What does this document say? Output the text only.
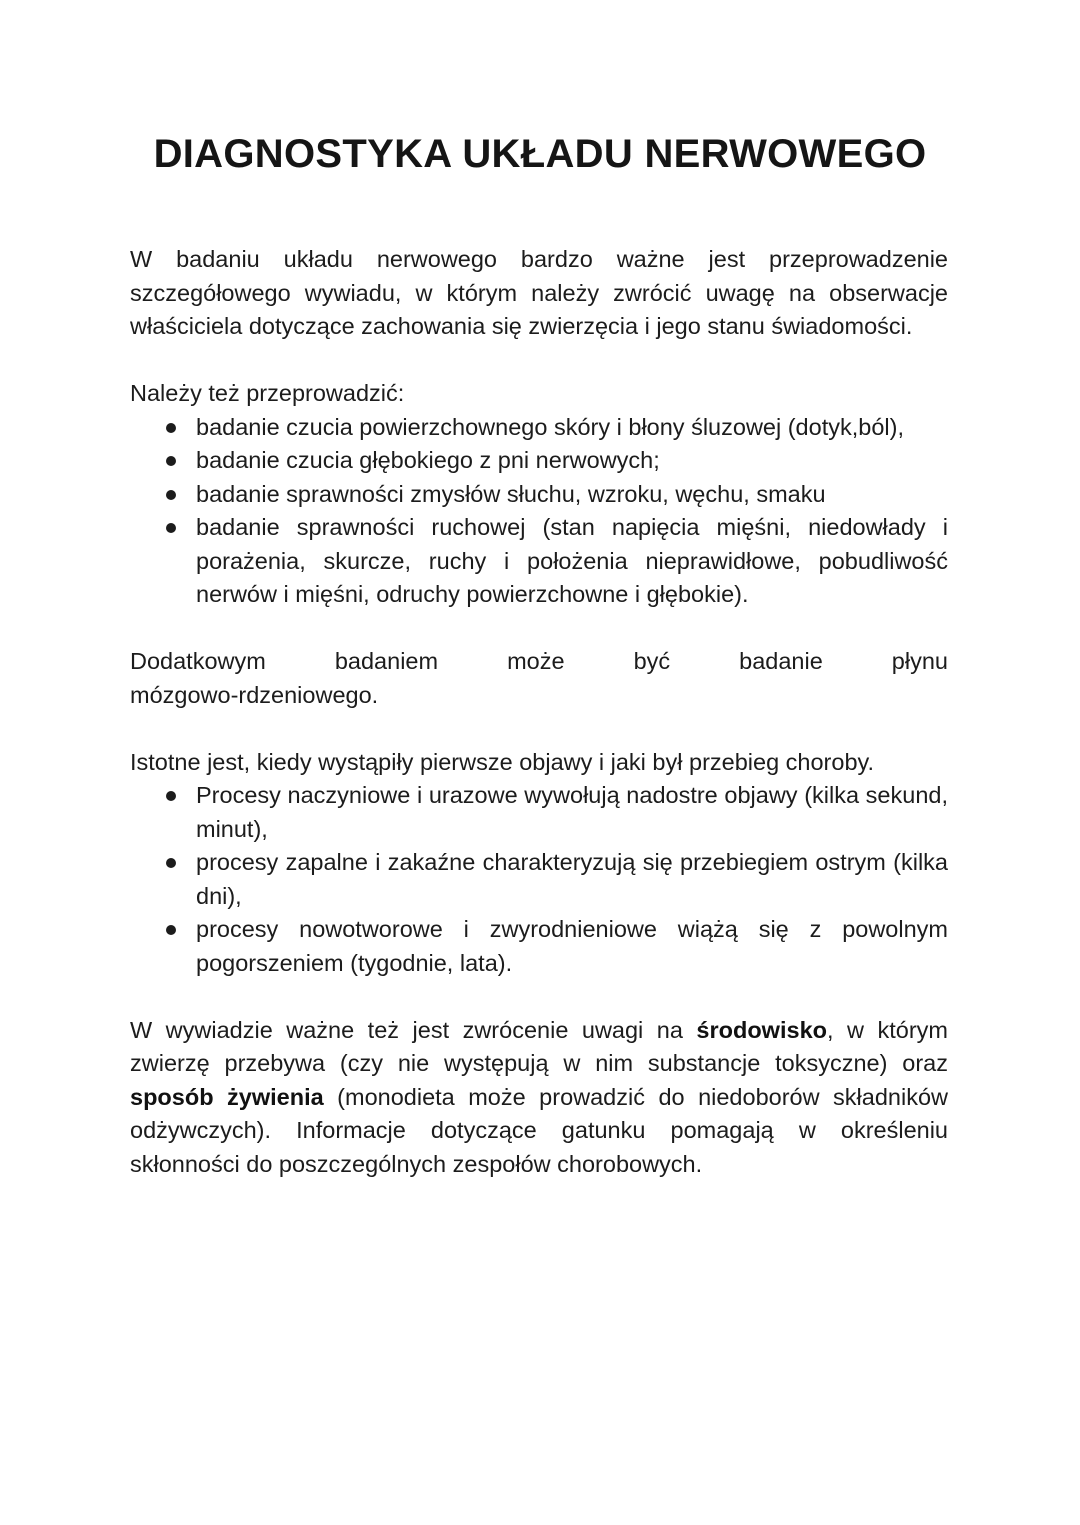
DIAGNOSTYKA UKŁADU NERWOWEGO

W badaniu układu nerwowego bardzo ważne jest przeprowadzenie szczegółowego wywiadu, w którym należy zwrócić uwagę na obserwacje właściciela dotyczące zachowania się zwierzęcia i jego stanu świadomości.

Należy też przeprowadzić:

badanie czucia powierzchownego skóry i błony śluzowej (dotyk,ból),
badanie czucia głębokiego z pni nerwowych;
badanie sprawności zmysłów słuchu, wzroku, węchu, smaku
badanie sprawności ruchowej (stan napięcia mięśni, niedowłady i porażenia, skurcze, ruchy i położenia nieprawidłowe, pobudliwość nerwów i mięśni, odruchy powierzchowne i głębokie).

Dodatkowym badaniem może być badanie płynu

mózgowo-rdzeniowego.

Istotne jest, kiedy wystąpiły pierwsze objawy i jaki był przebieg choroby.

Procesy naczyniowe i urazowe wywołują nadostre objawy (kilka sekund, minut),
procesy zapalne i zakaźne charakteryzują się przebiegiem ostrym (kilka dni),
procesy nowotworowe i zwyrodnieniowe wiążą się z powolnym pogorszeniem (tygodnie, lata).

W wywiadzie ważne też jest zwrócenie uwagi na środowisko, w którym zwierzę przebywa (czy nie występują w nim substancje toksyczne) oraz sposób żywienia (monodieta może prowadzić do niedoborów składników odżywczych). Informacje dotyczące gatunku pomagają w określeniu skłonności do poszczególnych zespołów chorobowych.
